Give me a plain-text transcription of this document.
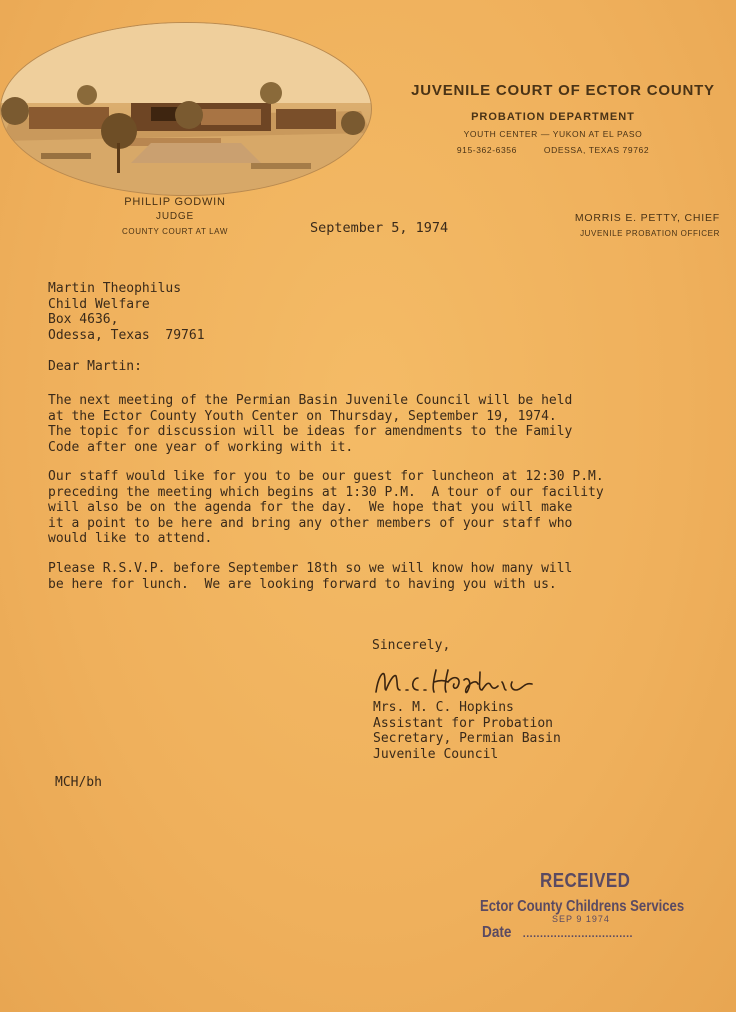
JUVENILE COURT OF ECTOR COUNTY
PROBATION DEPARTMENT
YOUTH CENTER — YUKON AT EL PASO
915-362-6356	ODESSA, TEXAS 79762
PHILLIP GODWIN
JUDGE
COUNTY COURT AT LAW
MORRIS E. PETTY, CHIEF
JUVENILE PROBATION OFFICER
September 5, 1974
Martin Theophilus
Child Welfare
Box 4636,
Odessa, Texas  79761
Dear Martin:
The next meeting of the Permian Basin Juvenile Council will be held
at the Ector County Youth Center on Thursday, September 19, 1974.
The topic for discussion will be ideas for amendments to the Family
Code after one year of working with it.
Our staff would like for you to be our guest for luncheon at 12:30 P.M.
preceding the meeting which begins at 1:30 P.M.  A tour of our facility
will also be on the agenda for the day.  We hope that you will make
it a point to be here and bring any other members of your staff who
would like to attend.
Please R.S.V.P. before September 18th so we will know how many will
be here for lunch.  We are looking forward to having you with us.
Sincerely,
Mrs. M. C. Hopkins
Assistant for Probation
Secretary, Permian Basin
Juvenile Council
MCH/bh
RECEIVED
Ector County Childrens Services
SEP 9 1974
Date ................................
